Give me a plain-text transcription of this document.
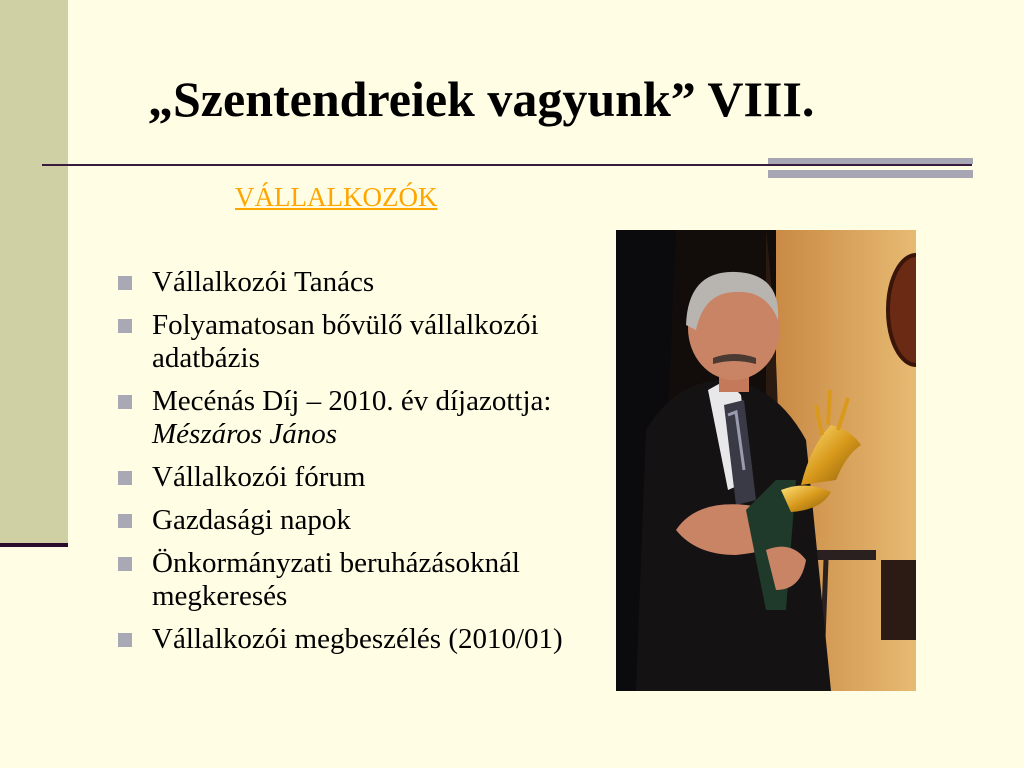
„Szentendreiek vagyunk” VIII.
VÁLLALKOZÓK
Vállalkozói Tanács
Folyamatosan bővülő vállalkozói adatbázis
Mecénás Díj – 2010. év díjazottja: Mészáros János
Vállalkozói fórum
Gazdasági napok
Önkormányzati beruházásoknál megkeresés
Vállalkozói megbeszélés (2010/01)
